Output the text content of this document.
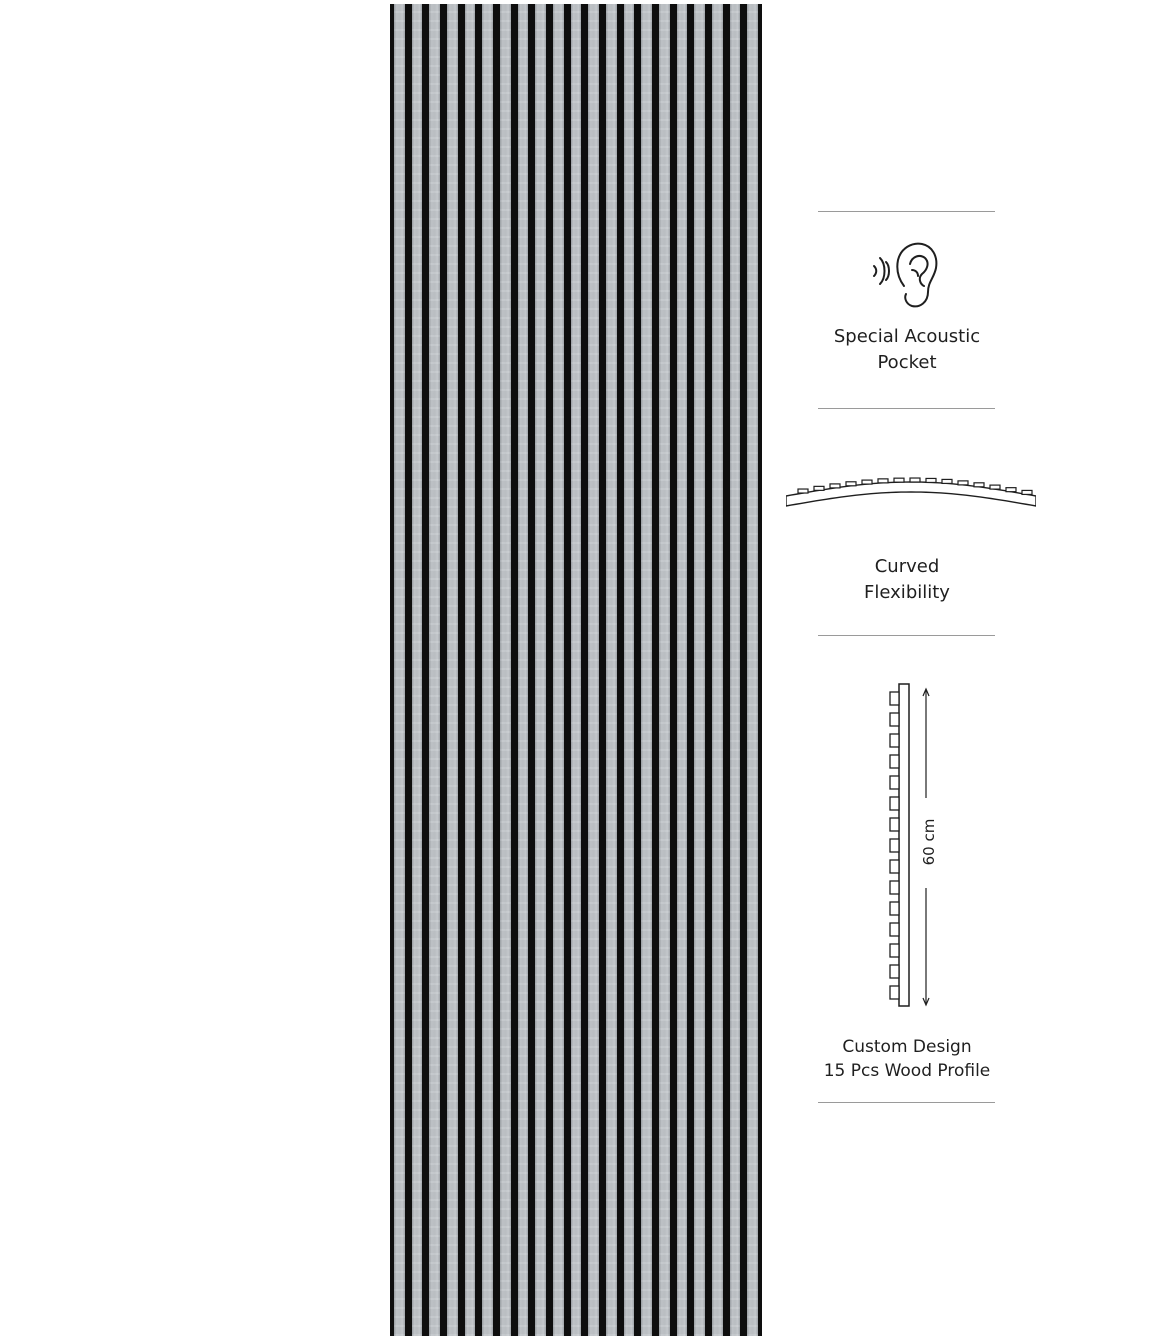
Special Acoustic
Pocket

Curved
Flexibility

60 cm

Custom Design
15 Pcs Wood Profile
